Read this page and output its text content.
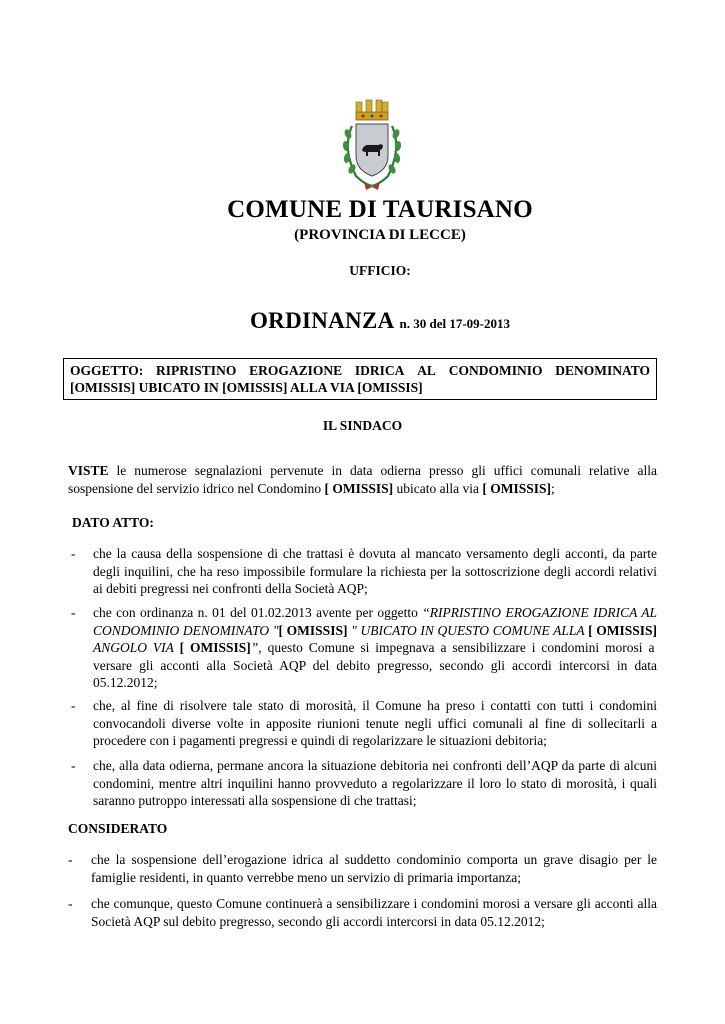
COMUNE DI TAURISANO
(PROVINCIA DI LECCE)
UFFICIO:
ORDINANZA n. 30 del 17-09-2013
OGGETTO: RIPRISTINO EROGAZIONE IDRICA AL CONDOMINIO DENOMINATO
[OMISSIS] UBICATO IN [OMISSIS] ALLA VIA [OMISSIS]
IL SINDACO
VISTE le numerose segnalazioni pervenute in data odierna presso gli uffici comunali relative alla sospensione del servizio idrico nel Condomino [ OMISSIS] ubicato alla via [ OMISSIS];
DATO ATTO:
- che la causa della sospensione di che trattasi è dovuta al mancato versamento degli acconti, da parte degli inquilini, che ha reso impossibile formulare la richiesta per la sottoscrizione degli accordi relativi ai debiti pregressi nei confronti della Società AQP;
- che con ordinanza n. 01 del 01.02.2013 avente per oggetto “RIPRISTINO EROGAZIONE IDRICA AL CONDOMINIO DENOMINATO "[ OMISSIS] " UBICATO IN QUESTO COMUNE ALLA [ OMISSIS] ANGOLO VIA [ OMISSIS]”, questo Comune si impegnava a sensibilizzare i condomini morosi a versare gli acconti alla Società AQP del debito pregresso, secondo gli accordi intercorsi in data 05.12.2012;
- che, al fine di risolvere tale stato di morosità, il Comune ha preso i contatti con tutti i condomini convocandoli diverse volte in apposite riunioni tenute negli uffici comunali al fine di sollecitarli a procedere con i pagamenti pregressi e quindi di regolarizzare le situazioni debitoria;
- che, alla data odierna, permane ancora la situazione debitoria nei confronti dell’AQP da parte di alcuni condomini, mentre altri inquilini hanno provveduto a regolarizzare il loro lo stato di morosità, i quali saranno putroppo interessati alla sospensione di che trattasi;
CONSIDERATO
- che la sospensione dell’erogazione idrica al suddetto condominio comporta un grave disagio per le famiglie residenti, in quanto verrebbe meno un servizio di primaria importanza;
- che comunque, questo Comune continuerà a sensibilizzare i condomini morosi a versare gli acconti alla Società AQP sul debito pregresso, secondo gli accordi intercorsi in data 05.12.2012;
